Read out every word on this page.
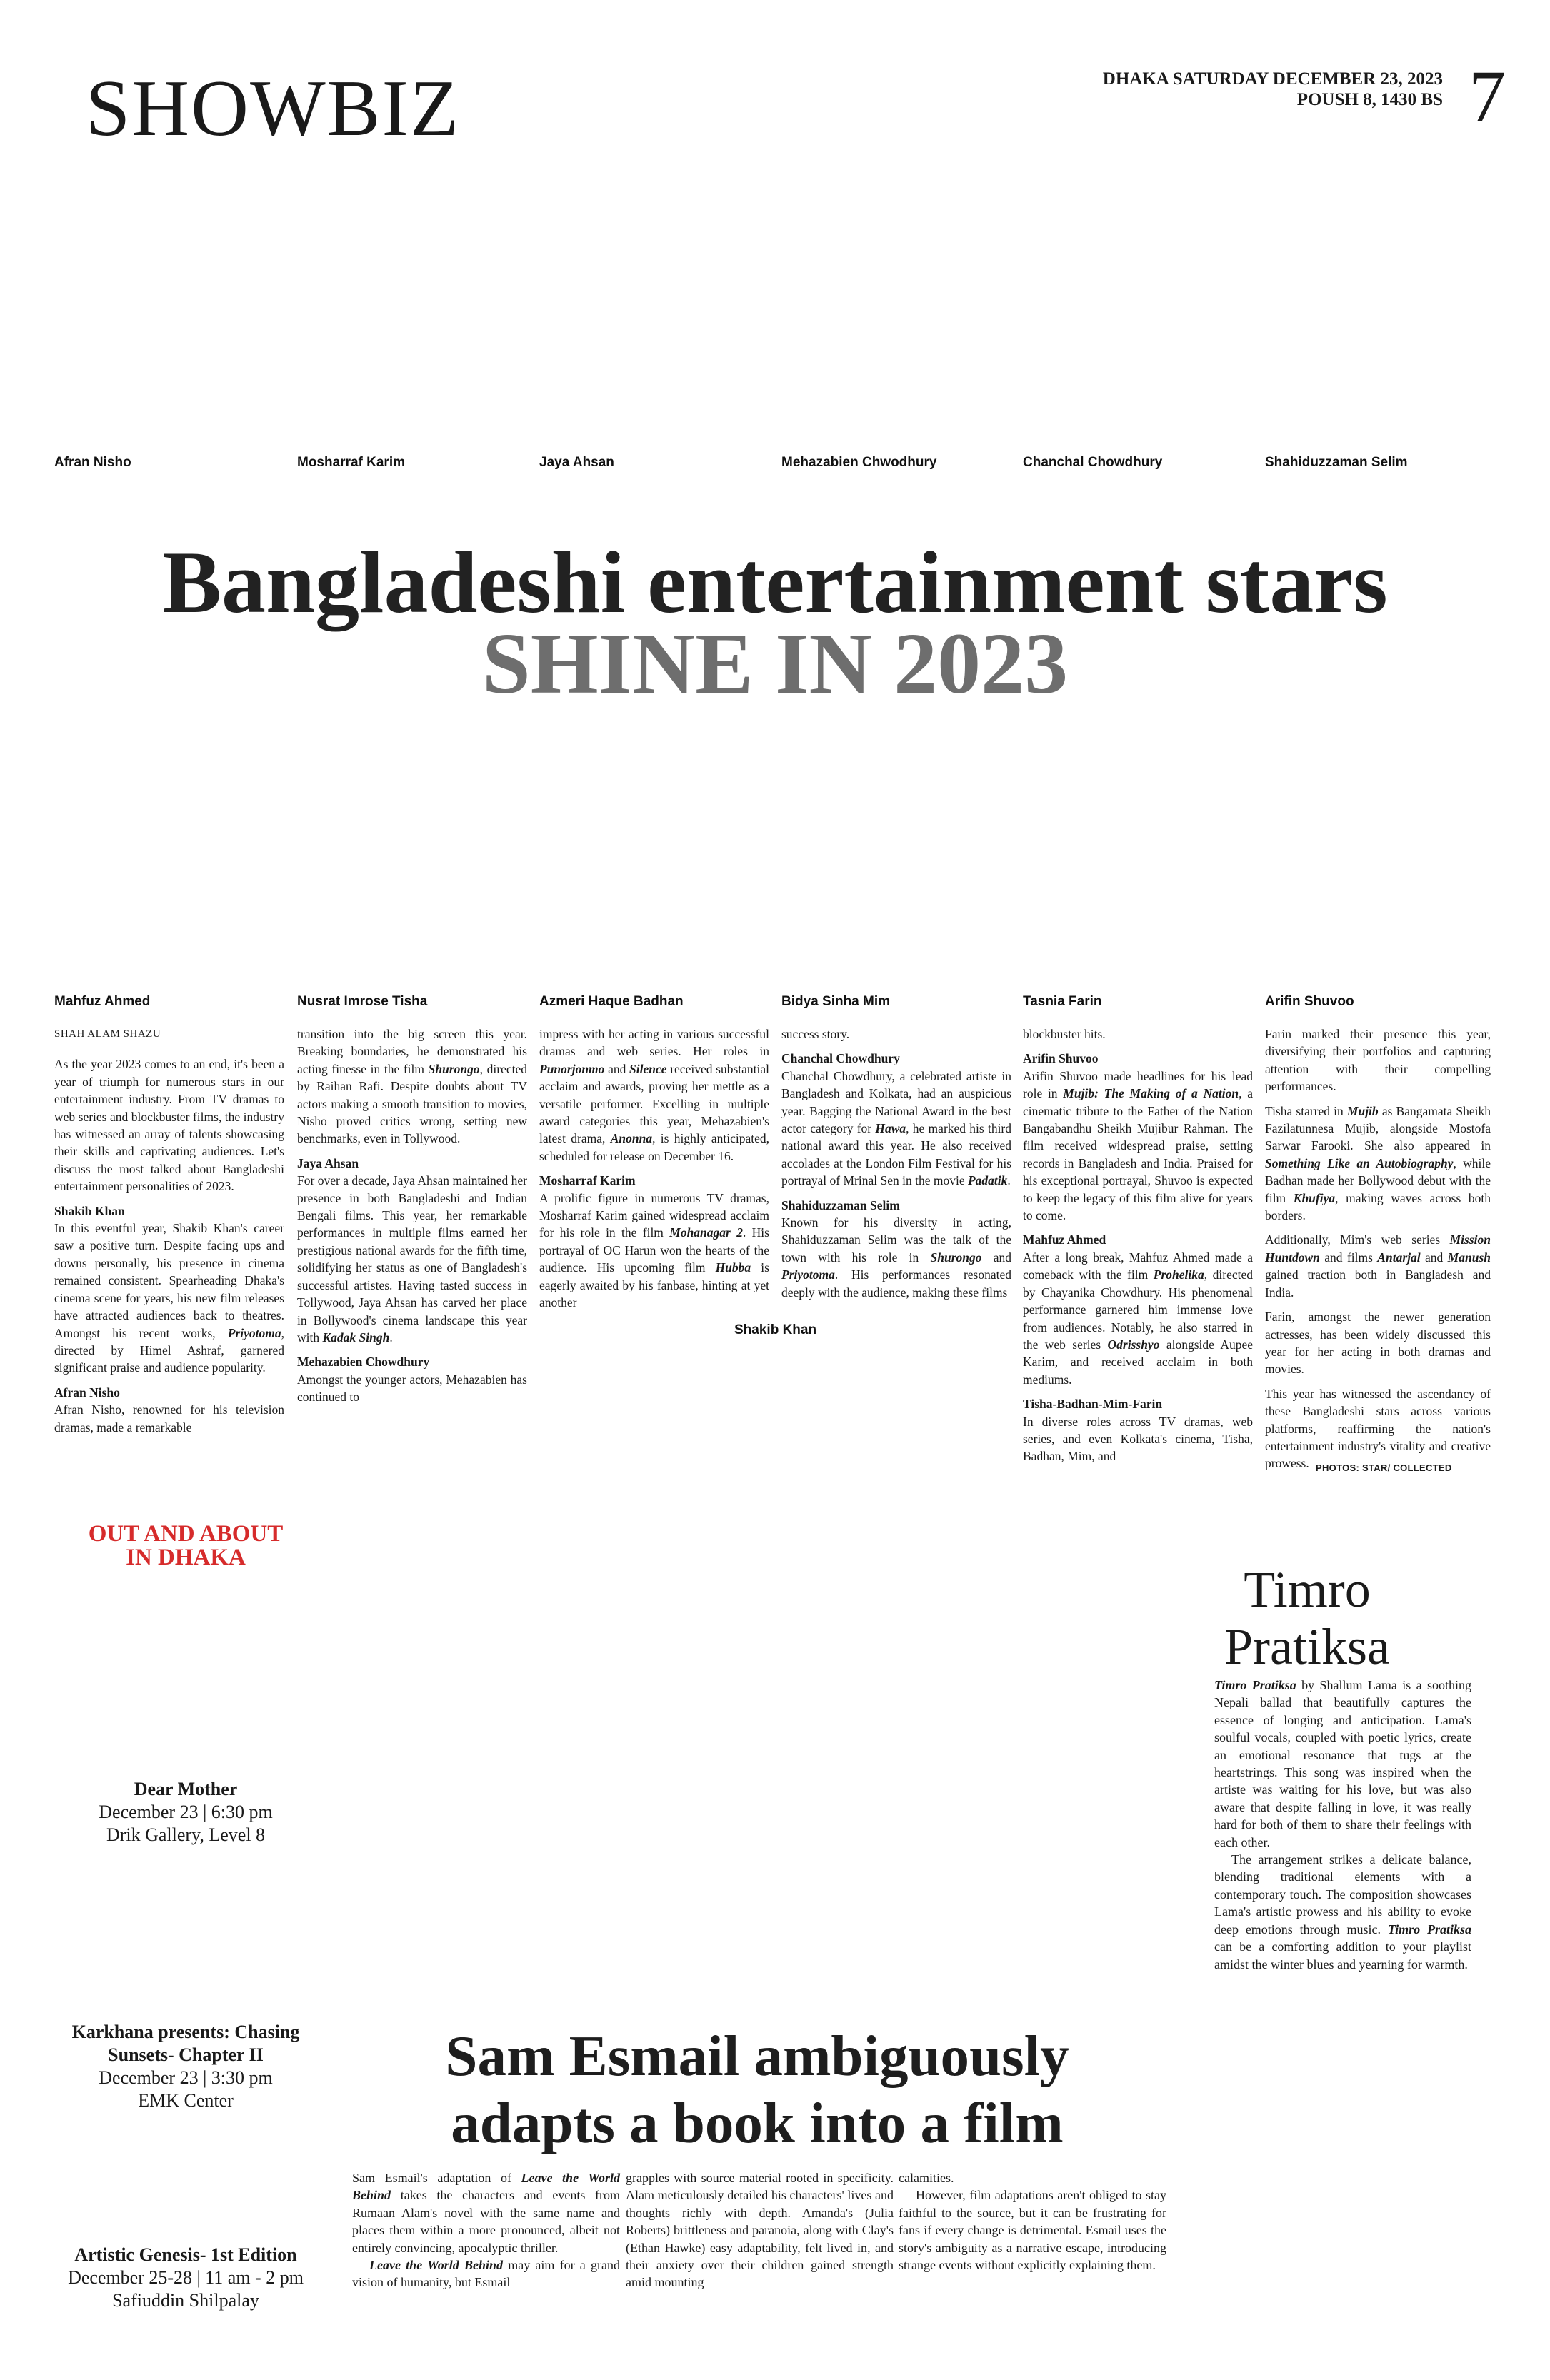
SHOWBIZ	DHAKA SATURDAY DECEMBER 23, 2023
POUSH 8, 1430 BS 7
Afran Nisho	Mosharraf Karim	Jaya Ahsan	Mehazabien Chwodhury	Chanchal Chowdhury	Shahiduzzaman Selim
Bangladeshi entertainment stars
SHINE IN 2023
Mahfuz Ahmed	Nusrat Imrose Tisha	Azmeri Haque Badhan	Bidya Sinha Mim	Tasnia Farin	Arifin Shuvoo
SHAH ALAM SHAZU

As the year 2023 comes to an end, it's been a year of triumph for numerous stars in our entertainment industry. From TV dramas to web series and blockbuster films, the industry has witnessed an array of talents showcasing their skills and captivating audiences. Let's discuss the most talked about Bangladeshi entertainment personalities of 2023.

Shakib Khan

In this eventful year, Shakib Khan's career saw a positive turn. Despite facing ups and downs personally, his presence in cinema remained consistent. Spearheading Dhaka's cinema scene for years, his new film releases have attracted audiences back to theatres. Amongst his recent works, Priyotoma, directed by Himel Ashraf, garnered significant praise and audience popularity.

Afran Nisho

Afran Nisho, renowned for his television dramas, made a remarkable

transition into the big screen this year. Breaking boundaries, he demonstrated his acting finesse in the film Shurongo, directed by Raihan Rafi. Despite doubts about TV actors making a smooth transition to movies, Nisho proved critics wrong, setting new benchmarks, even in Tollywood.

Jaya Ahsan

For over a decade, Jaya Ahsan maintained her presence in both Bangladeshi and Indian Bengali films. This year, her remarkable performances in multiple films earned her prestigious national awards for the fifth time, solidifying her status as one of Bangladesh's successful artistes. Having tasted success in Tollywood, Jaya Ahsan has carved her place in Bollywood's cinema landscape this year with Kadak Singh.

Mehazabien Chowdhury

Amongst the younger actors, Mehazabien has continued to

impress with her acting in various successful dramas and web series. Her roles in Punorjonmo and Silence received substantial acclaim and awards, proving her mettle as a versatile performer. Excelling in multiple award categories this year, Mehazabien's latest drama, Anonna, is highly anticipated, scheduled for release on December 16.

Mosharraf Karim

A prolific figure in numerous TV dramas, Mosharraf Karim gained widespread acclaim for his role in the film Mohanagar 2. His portrayal of OC Harun won the hearts of the audience. His upcoming film Hubba is eagerly awaited by his fanbase, hinting at yet another

success story.

Chanchal Chowdhury

Chanchal Chowdhury, a celebrated artiste in Bangladesh and Kolkata, had an auspicious year. Bagging the National Award in the best actor category for Hawa, he marked his third national award this year. He also received accolades at the London Film Festival for his portrayal of Mrinal Sen in the movie Padatik.

Shahiduzzaman Selim

Known for his diversity in acting, Shahiduzzaman Selim was the talk of the town with his role in Shurongo and Priyotoma. His performances resonated deeply with the audience, making these films

blockbuster hits.

Arifin Shuvoo

Arifin Shuvoo made headlines for his lead role in Mujib: The Making of a Nation, a cinematic tribute to the Father of the Nation Bangabandhu Sheikh Mujibur Rahman. The film received widespread praise, setting records in Bangladesh and India. Praised for his exceptional portrayal, Shuvoo is expected to keep the legacy of this film alive for years to come.

Mahfuz Ahmed

After a long break, Mahfuz Ahmed made a comeback with the film Prohelika, directed by Chayanika Chowdhury. His phenomenal performance garnered him immense love from audiences. Notably, he also starred in the web series Odrisshyo alongside Aupee Karim, and received acclaim in both mediums.

Tisha-Badhan-Mim-Farin

In diverse roles across TV dramas, web series, and even Kolkata's cinema, Tisha, Badhan, Mim, and

Farin marked their presence this year, diversifying their portfolios and capturing attention with their compelling performances.

Tisha starred in Mujib as Bangamata Sheikh Fazilatunnesa Mujib, alongside Mostofa Sarwar Farooki. She also appeared in Something Like an Autobiography, while Badhan made her Bollywood debut with the film Khufiya, making waves across both borders.

Additionally, Mim's web series Mission Huntdown and films Antarjal and Manush gained traction both in Bangladesh and India.

Farin, amongst the newer generation actresses, has been widely discussed this year for her acting in both dramas and movies.

This year has witnessed the ascendancy of these Bangladeshi stars across various platforms, reaffirming the nation's entertainment industry's vitality and creative prowess.

Shakib Khan
PHOTOS: STAR/ COLLECTED
OUT AND ABOUT
IN DHAKA
Dear Mother
December 23 | 6:30 pm
Drik Gallery, Level 8
Karkhana presents: Chasing Sunsets- Chapter II
December 23 | 3:30 pm
EMK Center
Artistic Genesis- 1st Edition
December 25-28 | 11 am - 2 pm
Safiuddin Shilpalay
Timro
Pratiksa

Timro Pratiksa by Shallum Lama is a soothing Nepali ballad that beautifully captures the essence of longing and anticipation. Lama's soulful vocals, coupled with poetic lyrics, create an emotional resonance that tugs at the heartstrings. This song was inspired when the artiste was waiting for his love, but was also aware that despite falling in love, it was really hard for both of them to share their feelings with each other.

The arrangement strikes a delicate balance, blending traditional elements with a contemporary touch. The composition showcases Lama's artistic prowess and his ability to evoke deep emotions through music. Timro Pratiksa can be a comforting addition to your playlist amidst the winter blues and yearning for warmth.

Sam Esmail ambiguously
adapts a book into a film

Sam Esmail's adaptation of Leave the World Behind takes the characters and events from Rumaan Alam's novel with the same name and places them within a more pronounced, albeit not entirely convincing, apocalyptic thriller.

Leave the World Behind may aim for a grand vision of humanity, but Esmail

grapples with source material rooted in specificity. Alam meticulously detailed his characters' lives and thoughts richly with depth. Amanda's (Julia Roberts) brittleness and paranoia, along with Clay's (Ethan Hawke) easy adaptability, felt lived in, and their anxiety over their children gained strength amid mounting

calamities.

However, film adaptations aren't obliged to stay faithful to the source, but it can be frustrating for fans if every change is detrimental. Esmail uses the story's ambiguity as a narrative escape, introducing strange events without explicitly explaining them.
